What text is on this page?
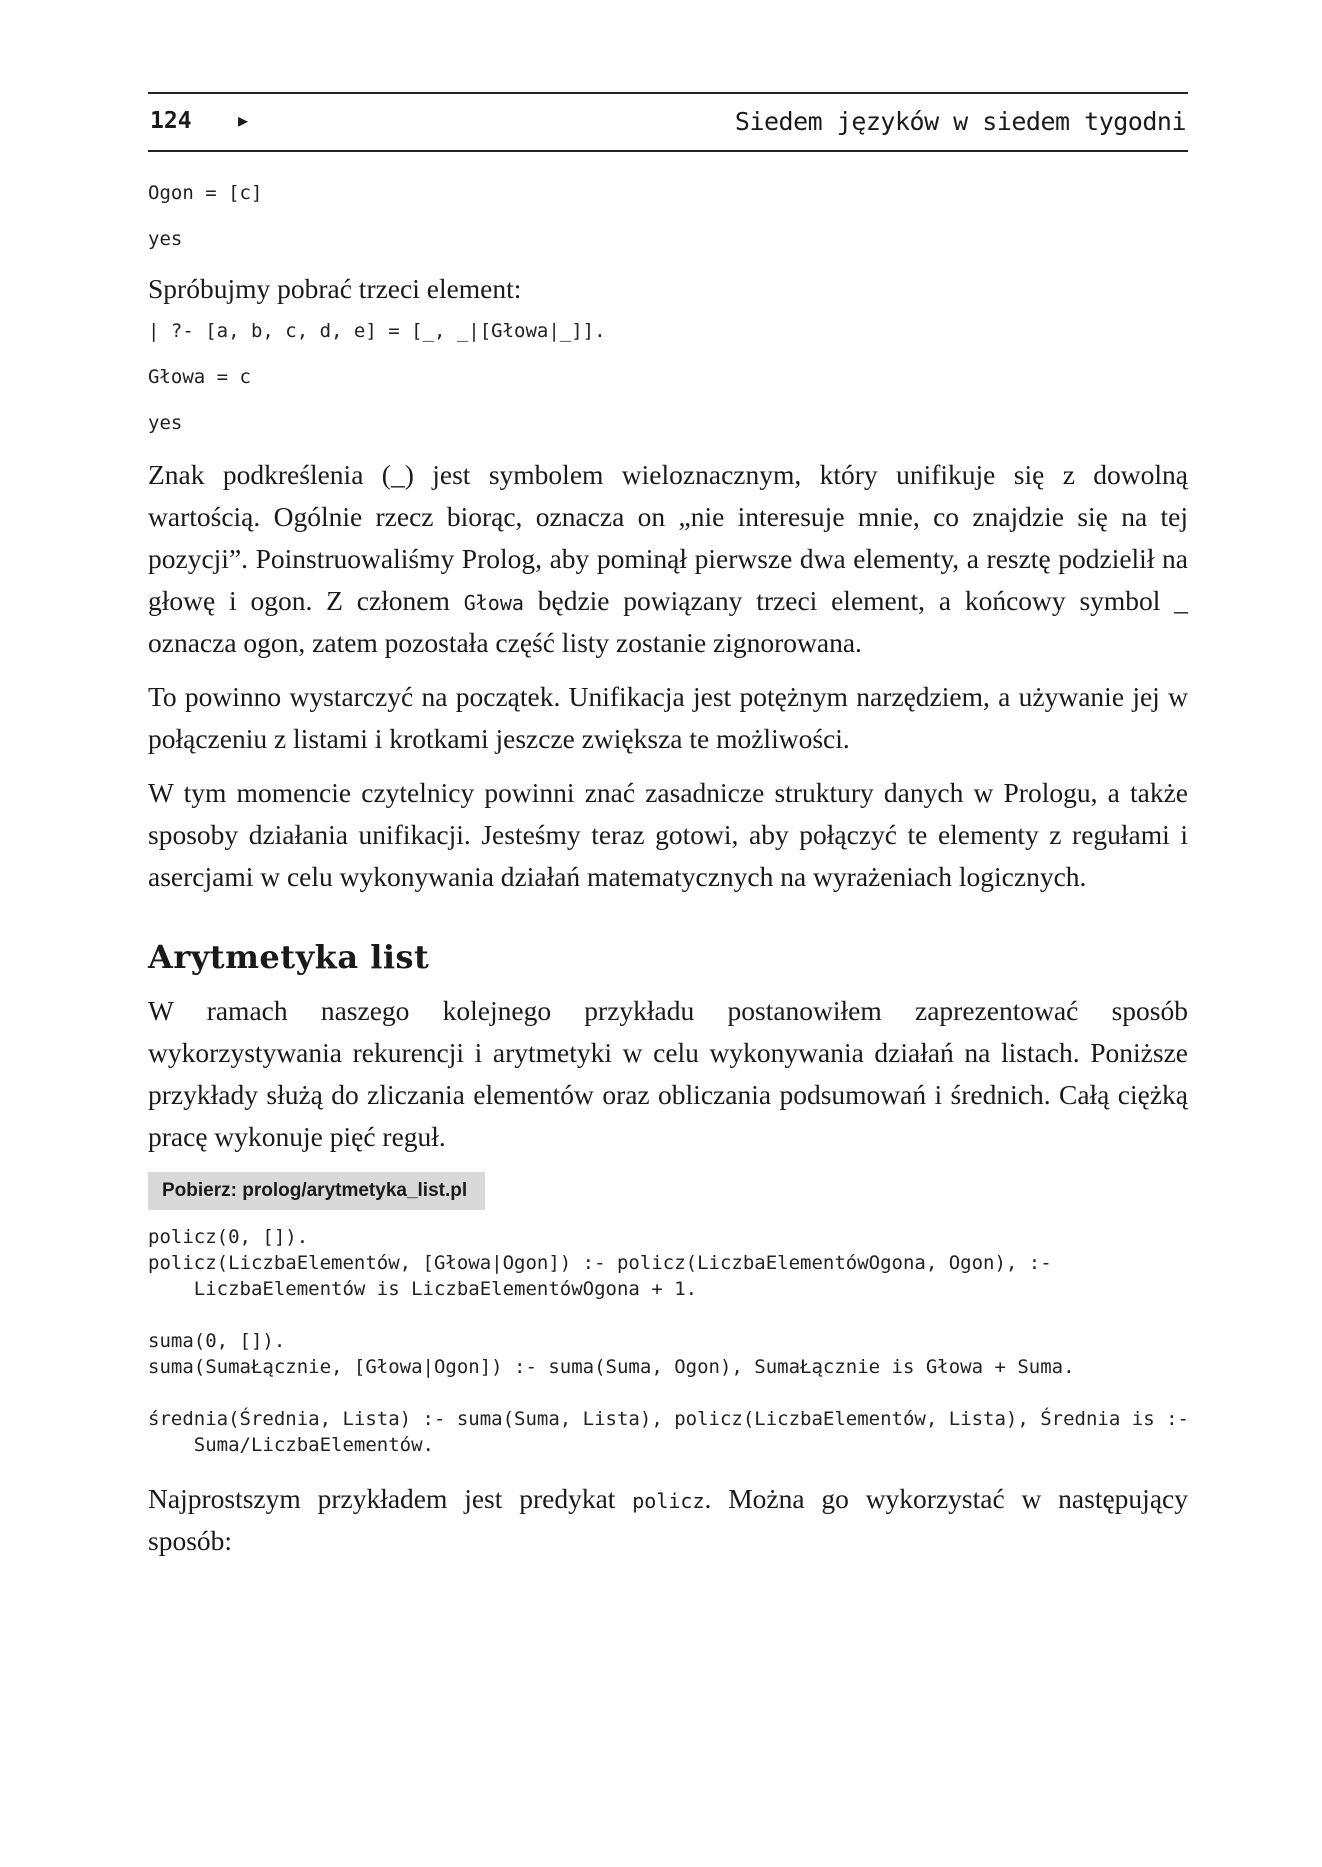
124 ▸	Siedem języków w siedem tygodni
Ogon = [c]
yes

Spróbujmy pobrać trzeci element:

| ?- [a, b, c, d, e] = [_, _|[Głowa|_]].
Głowa = c
yes

Znak podkreślenia (_) jest symbolem wieloznacznym, który unifikuje się z dowolną wartością. Ogólnie rzecz biorąc, oznacza on „nie interesuje mnie, co znajdzie się na tej pozycji”. Poinstruowaliśmy Prolog, aby pominął pierwsze dwa elementy, a resztę podzielił na głowę i ogon. Z członem Głowa będzie powiązany trzeci element, a końcowy symbol _ oznacza ogon, zatem pozostała część listy zostanie zignorowana.

To powinno wystarczyć na początek. Unifikacja jest potężnym narzędziem, a używanie jej w połączeniu z listami i krotkami jeszcze zwiększa te możliwości.

W tym momencie czytelnicy powinni znać zasadnicze struktury danych w Prologu, a także sposoby działania unifikacji. Jesteśmy teraz gotowi, aby połączyć te elementy z regułami i asercjami w celu wykonywania działań matematycznych na wyrażeniach logicznych.

Arytmetyka list

W ramach naszego kolejnego przykładu postanowiłem zaprezentować sposób wykorzystywania rekurencji i arytmetyki w celu wykonywania działań na listach. Poniższe przykłady służą do zliczania elementów oraz obliczania podsumowań i średnich. Całą ciężką pracę wykonuje pięć reguł.

Pobierz: prolog/arytmetyka_list.pl
policz(0, []).
policz(LiczbaElementów, [Głowa|Ogon]) :- policz(LiczbaElementówOgona, Ogon), :-
LiczbaElementów is LiczbaElementówOgona + 1.
suma(0, []).
suma(SumaŁącznie, [Głowa|Ogon]) :- suma(Suma, Ogon), SumaŁącznie is Głowa + Suma.
średnia(Średnia, Lista) :- suma(Suma, Lista), policz(LiczbaElementów, Lista), Średnia is :-
Suma/LiczbaElementów.

Najprostszym przykładem jest predykat policz. Można go wykorzystać w następujący sposób:
